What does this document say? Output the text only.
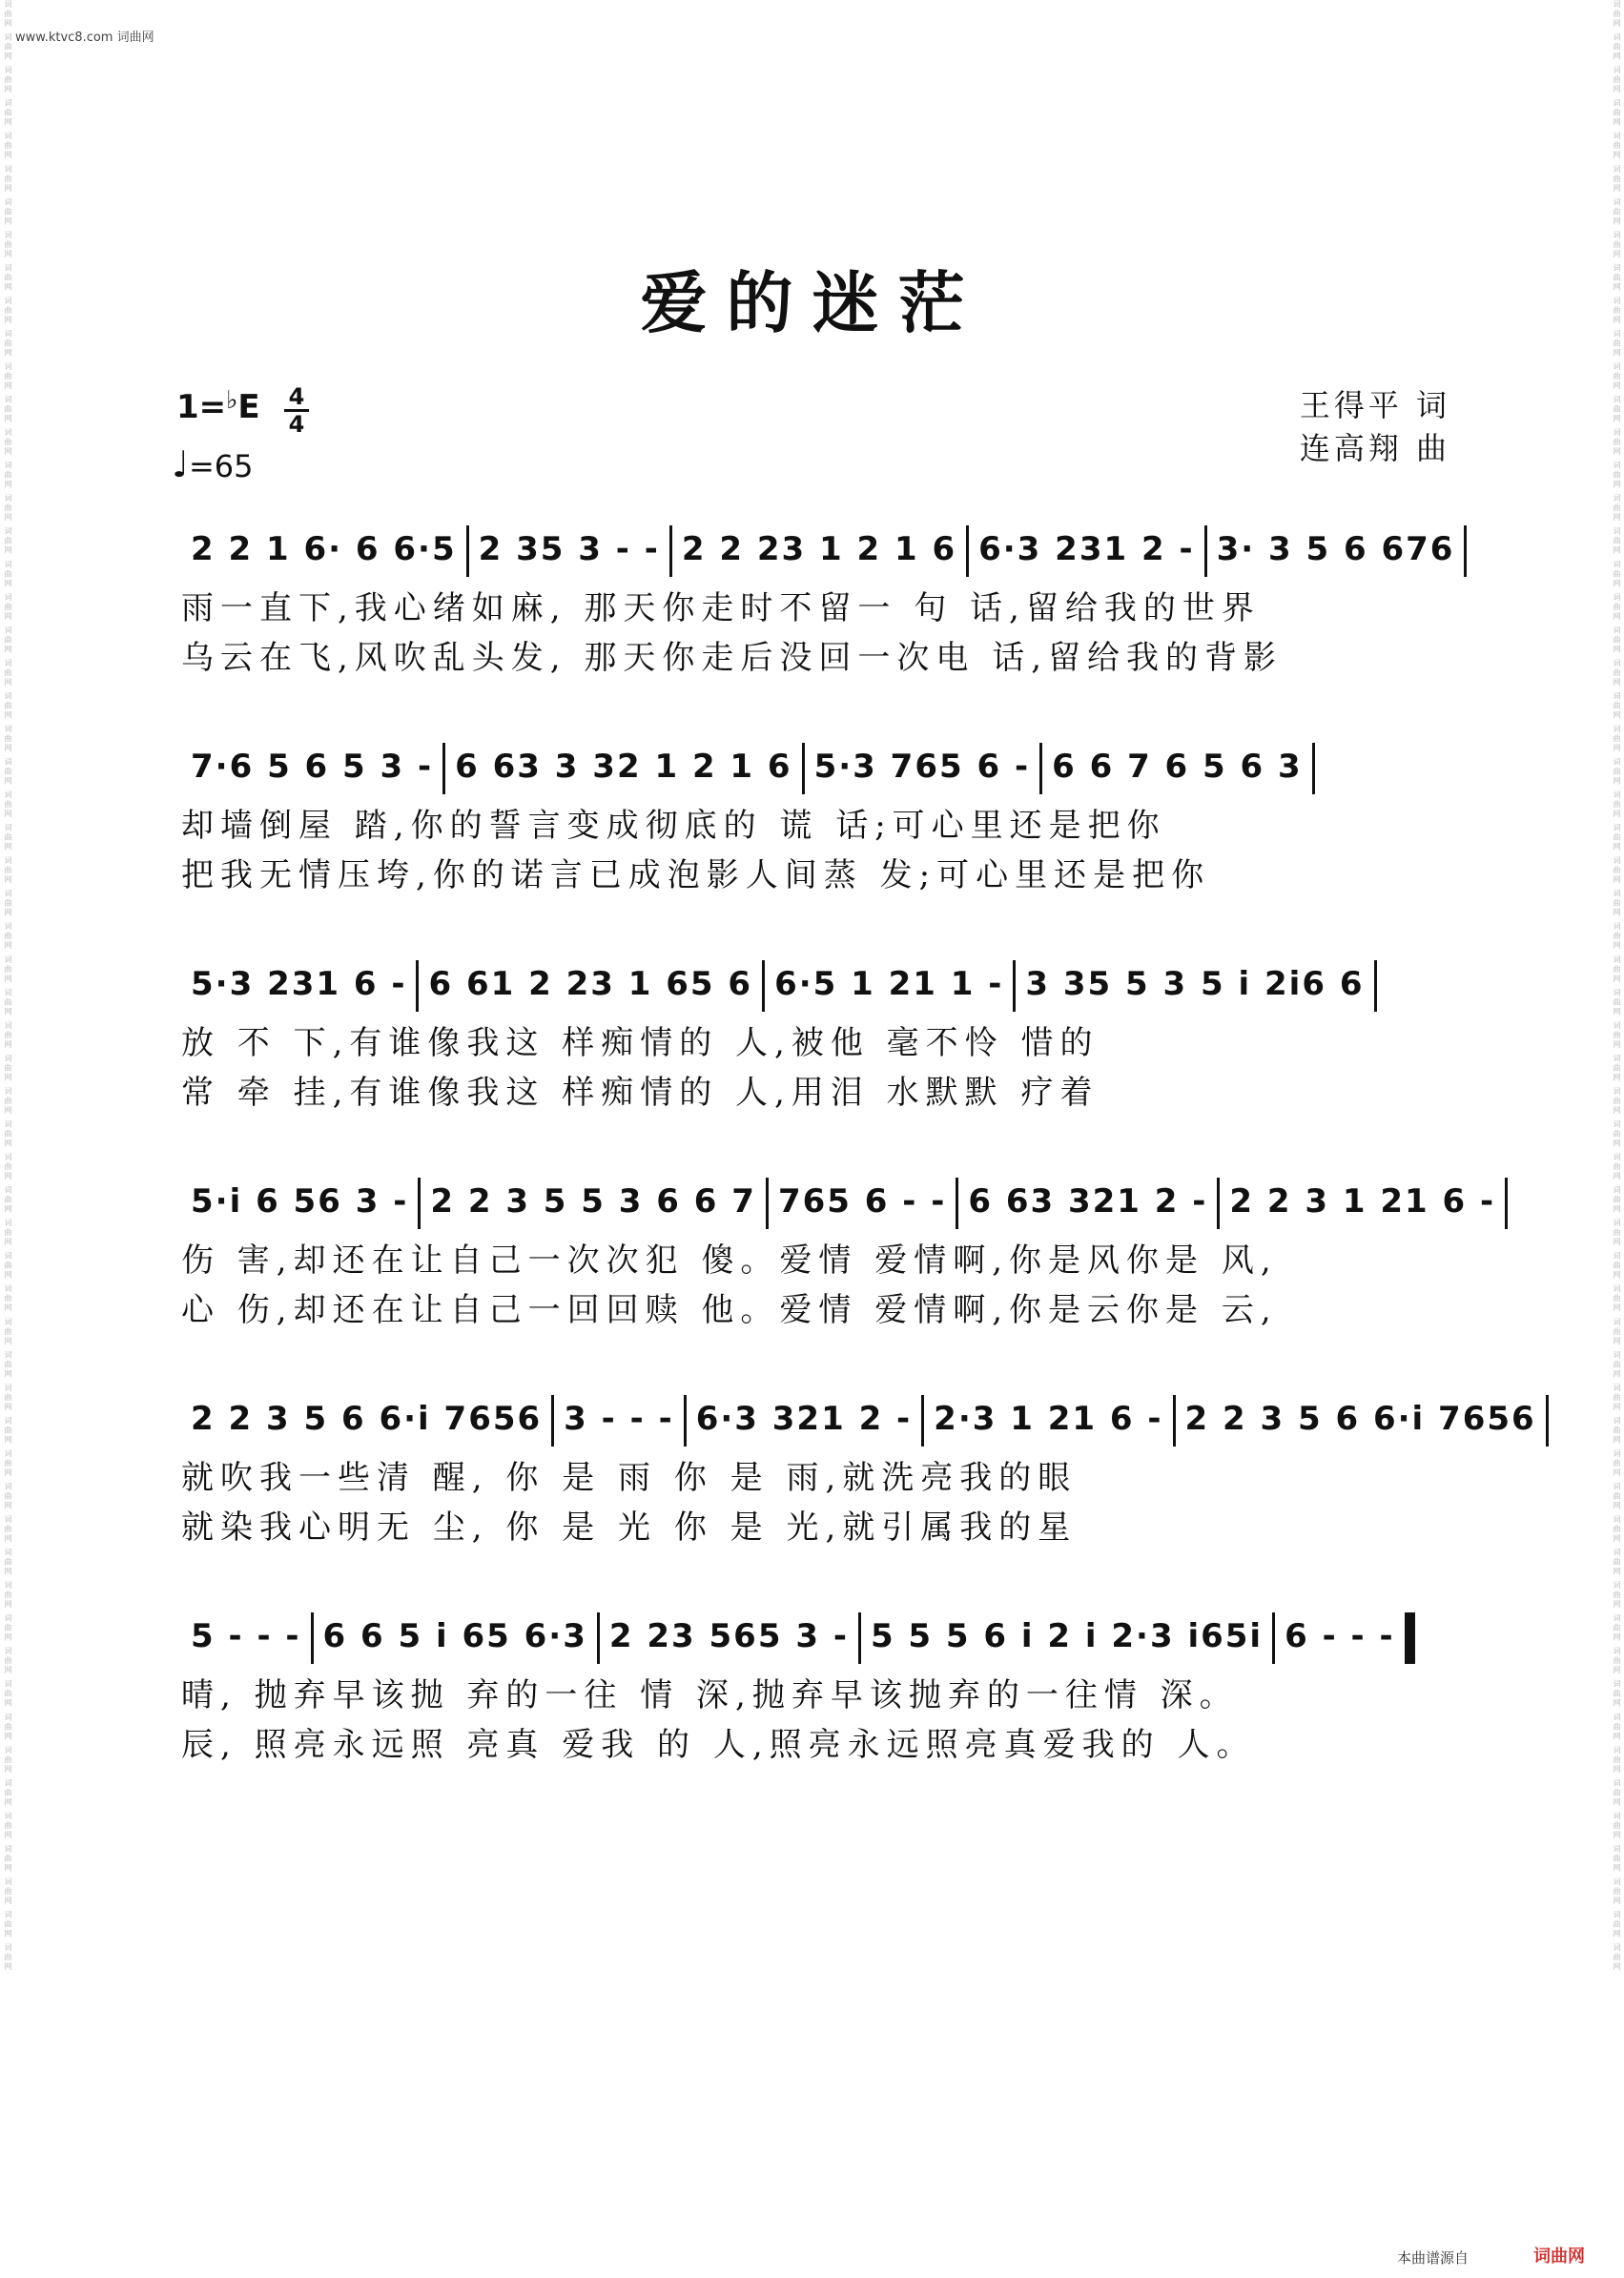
词曲网 词曲网 词曲网 词曲网 词曲网 词曲网 词曲网 词曲网 词曲网 词曲网 词曲网 词曲网 词曲网 词曲网 词曲网 词曲网 词曲网 词曲网 词曲网 词曲网 词曲网 词曲网 词曲网 词曲网 词曲网 词曲网 词曲网 词曲网 词曲网 词曲网 词曲网 词曲网 词曲网 词曲网 词曲网 词曲网 词曲网 词曲网 词曲网 词曲网 词曲网 词曲网 词曲网 词曲网 词曲网 词曲网 词曲网 词曲网 词曲网 词曲网 词曲网 词曲网 词曲网 词曲网 词曲网 词曲网 词曲网 词曲网 词曲网 词曲网	词曲网 词曲网 词曲网 词曲网 词曲网 词曲网 词曲网 词曲网 词曲网 词曲网 词曲网 词曲网 词曲网 词曲网 词曲网 词曲网 词曲网 词曲网 词曲网 词曲网 词曲网 词曲网 词曲网 词曲网 词曲网 词曲网 词曲网 词曲网 词曲网 词曲网 词曲网 词曲网 词曲网 词曲网 词曲网 词曲网 词曲网 词曲网 词曲网 词曲网 词曲网 词曲网 词曲网 词曲网 词曲网 词曲网 词曲网 词曲网 词曲网 词曲网 词曲网 词曲网 词曲网 词曲网 词曲网 词曲网 词曲网 词曲网 词曲网 词曲网
www.ktvc8.com 词曲网
爱的迷茫
1=♭E 4
4
♩=65
王得平 词
连高翔 曲
2 2 1 6· 6 6·5 2 35 3 - - 2 2 23 1 2 1 6 6·3 231 2 - 3· 3 5 6 676
雨一直下,我心绪如麻, 那天你走时不留一 句 话,留给我的世界
乌云在飞,风吹乱头发, 那天你走后没回一次电 话,留给我的背影
7·6 5 6 5 3 - 6 63 3 32 1 2 1 6 5·3 765 6 - 6 6 7 6 5 6 3
却墙倒屋 踏,你的誓言变成彻底的 谎 话;可心里还是把你
把我无情压垮,你的诺言已成泡影人间蒸 发;可心里还是把你
5·3 231 6 - 6 61 2 23 1 65 6 6·5 1 21 1 - 3 35 5 3 5 i 2i6 6
放 不 下,有谁像我这 样痴情的 人,被他 毫不怜 惜的
常 牵 挂,有谁像我这 样痴情的 人,用泪 水默默 疗着
5·i 6 56 3 - 2 2 3 5 5 3 6 6 7 765 6 - - 6 63 321 2 - 2 2 3 1 21 6 -
伤 害,却还在让自己一次次犯 傻。爱情 爱情啊,你是风你是 风,
心 伤,却还在让自己一回回赎 他。爱情 爱情啊,你是云你是 云,
2 2 3 5 6 6·i 7656 3 - - - 6·3 321 2 - 2·3 1 21 6 - 2 2 3 5 6 6·i 7656
就吹我一些清 醒, 你 是 雨 你 是 雨,就洗亮我的眼
就染我心明无 尘, 你 是 光 你 是 光,就引属我的星
5 - - - 6 6 5 i 65 6·3 2 23 565 3 - 5 5 5 6 i 2 i 2·3 i65i 6 - - -
晴, 抛弃早该抛 弃的一往 情 深,抛弃早该抛弃的一往情 深。
辰, 照亮永远照 亮真 爱我 的 人,照亮永远照亮真爱我的 人。
本曲谱源自	词曲网
